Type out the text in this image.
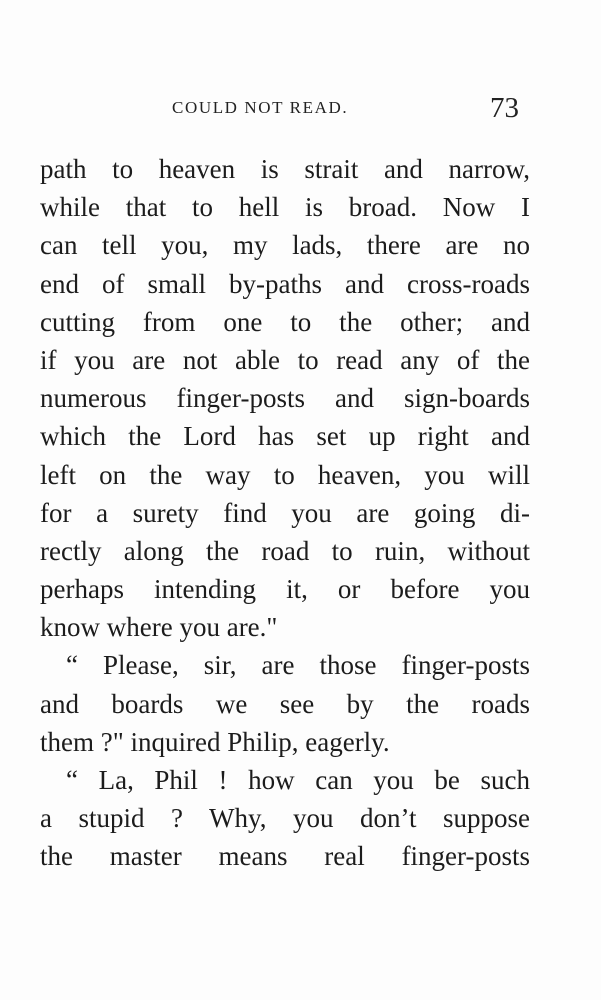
COULD NOT READ.	73
path to heaven is strait and narrow,
while that to hell is broad. Now I
can tell you, my lads, there are no
end of small by-paths and cross-roads
cutting from one to the other; and
if you are not able to read any of the
numerous finger-posts and sign-boards
which the Lord has set up right and
left on the way to heaven, you will
for a surety find you are going di-
rectly along the road to ruin, without
perhaps intending it, or before you
know where you are."
“ Please, sir, are those finger-posts
and boards we see by the roads
them ?" inquired Philip, eagerly.
“ La, Phil ! how can you be such
a stupid ? Why, you don’t suppose
the master means real finger-posts
